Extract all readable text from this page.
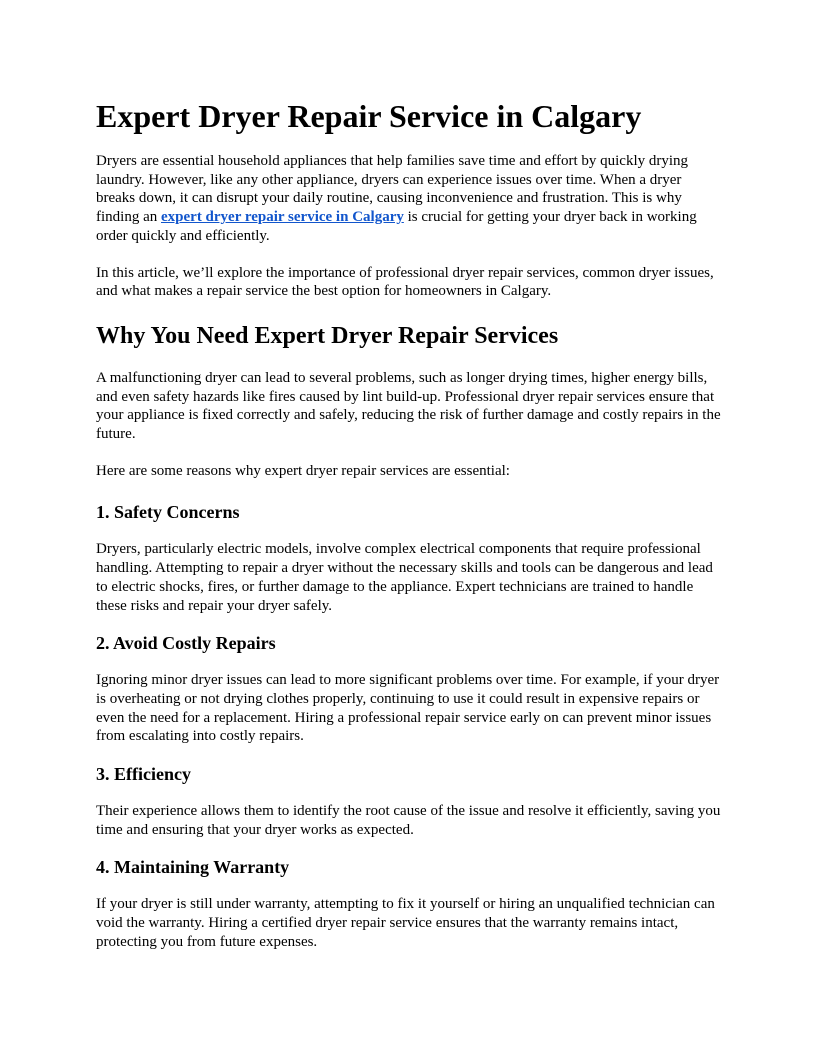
Expert Dryer Repair Service in Calgary

Dryers are essential household appliances that help families save time and effort by quickly drying laundry. However, like any other appliance, dryers can experience issues over time. When a dryer breaks down, it can disrupt your daily routine, causing inconvenience and frustration. This is why finding an expert dryer repair service in Calgary is crucial for getting your dryer back in working order quickly and efficiently.

In this article, we’ll explore the importance of professional dryer repair services, common dryer issues, and what makes a repair service the best option for homeowners in Calgary.

Why You Need Expert Dryer Repair Services

A malfunctioning dryer can lead to several problems, such as longer drying times, higher energy bills, and even safety hazards like fires caused by lint build-up. Professional dryer repair services ensure that your appliance is fixed correctly and safely, reducing the risk of further damage and costly repairs in the future.

Here are some reasons why expert dryer repair services are essential:

1. Safety Concerns

Dryers, particularly electric models, involve complex electrical components that require professional handling. Attempting to repair a dryer without the necessary skills and tools can be dangerous and lead to electric shocks, fires, or further damage to the appliance. Expert technicians are trained to handle these risks and repair your dryer safely.

2. Avoid Costly Repairs

Ignoring minor dryer issues can lead to more significant problems over time. For example, if your dryer is overheating or not drying clothes properly, continuing to use it could result in expensive repairs or even the need for a replacement. Hiring a professional repair service early on can prevent minor issues from escalating into costly repairs.

3. Efficiency

Their experience allows them to identify the root cause of the issue and resolve it efficiently, saving you time and ensuring that your dryer works as expected.

4. Maintaining Warranty

If your dryer is still under warranty, attempting to fix it yourself or hiring an unqualified technician can void the warranty. Hiring a certified dryer repair service ensures that the warranty remains intact, protecting you from future expenses.
